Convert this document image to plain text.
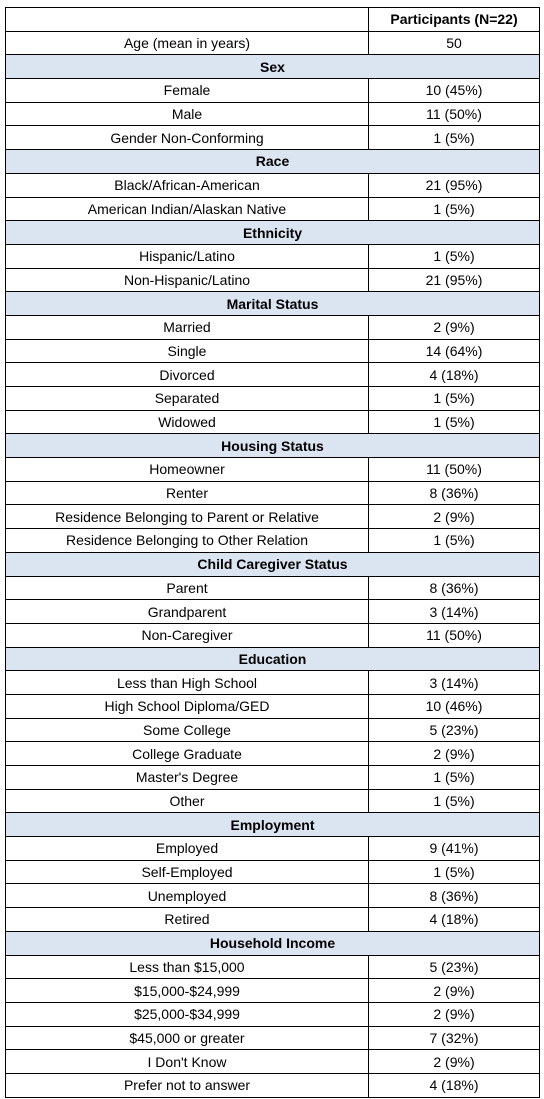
	Participants (N=22)
Age (mean in years)	50
Sex	
Female	10 (45%)
Male	11 (50%)
Gender Non-Conforming	1 (5%)
Race	
Black/African-American	21 (95%)
American Indian/Alaskan Native	1 (5%)
Ethnicity	
Hispanic/Latino	1 (5%)
Non-Hispanic/Latino	21 (95%)
Marital Status	
Married	2 (9%)
Single	14 (64%)
Divorced	4 (18%)
Separated	1 (5%)
Widowed	1 (5%)
Housing Status	
Homeowner	11 (50%)
Renter	8 (36%)
Residence Belonging to Parent or Relative	2 (9%)
Residence Belonging to Other Relation	1 (5%)
Child Caregiver Status	
Parent	8 (36%)
Grandparent	3 (14%)
Non-Caregiver	11 (50%)
Education	
Less than High School	3 (14%)
High School Diploma/GED	10 (46%)
Some College	5 (23%)
College Graduate	2 (9%)
Master's Degree	1 (5%)
Other	1 (5%)
Employment	
Employed	9 (41%)
Self-Employed	1 (5%)
Unemployed	8 (36%)
Retired	4 (18%)
Household Income	
Less than $15,000	5 (23%)
$15,000-$24,999	2 (9%)
$25,000-$34,999	2 (9%)
$45,000 or greater	7 (32%)
I Don't Know	2 (9%)
Prefer not to answer	4 (18%)
